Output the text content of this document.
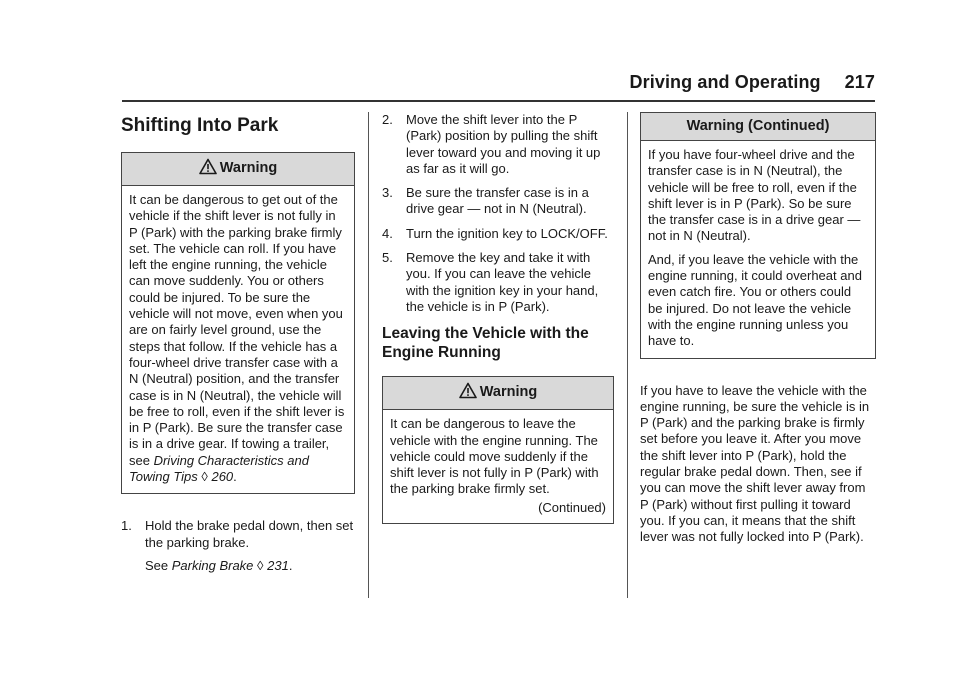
Driving and Operating 217
Shifting Into Park
Warning
It can be dangerous to get out of the vehicle if the shift lever is not fully in P (Park) with the parking brake firmly set. The vehicle can roll. If you have left the engine running, the vehicle can move suddenly. You or others could be injured. To be sure the vehicle will not move, even when you are on fairly level ground, use the steps that follow. If the vehicle has a four-wheel drive transfer case with a N (Neutral) position, and the transfer case is in N (Neutral), the vehicle will be free to roll, even if the shift lever is in P (Park). Be sure the transfer case is in a drive gear. If towing a trailer, see Driving Characteristics and Towing Tips ◊ 260.
1.	Hold the brake pedal down, then set the parking brake.
See Parking Brake ◊ 231.
2.	Move the shift lever into the P (Park) position by pulling the shift lever toward you and moving it up as far as it will go.
3.	Be sure the transfer case is in a drive gear — not in N (Neutral).
4.	Turn the ignition key to LOCK/OFF.
5.	Remove the key and take it with you. If you can leave the vehicle with the ignition key in your hand, the vehicle is in P (Park).
Leaving the Vehicle with the Engine Running
Warning
It can be dangerous to leave the vehicle with the engine running. The vehicle could move suddenly if the shift lever is not fully in P (Park) with the parking brake firmly set.
(Continued)
Warning (Continued)
If you have four-wheel drive and the transfer case is in N (Neutral), the vehicle will be free to roll, even if the shift lever is in P (Park). So be sure the transfer case is in a drive gear — not in N (Neutral).
And, if you leave the vehicle with the engine running, it could overheat and even catch fire. You or others could be injured. Do not leave the vehicle with the engine running unless you have to.
If you have to leave the vehicle with the engine running, be sure the vehicle is in P (Park) and the parking brake is firmly set before you leave it. After you move the shift lever into P (Park), hold the regular brake pedal down. Then, see if you can move the shift lever away from P (Park) without first pulling it toward you. If you can, it means that the shift lever was not fully locked into P (Park).
